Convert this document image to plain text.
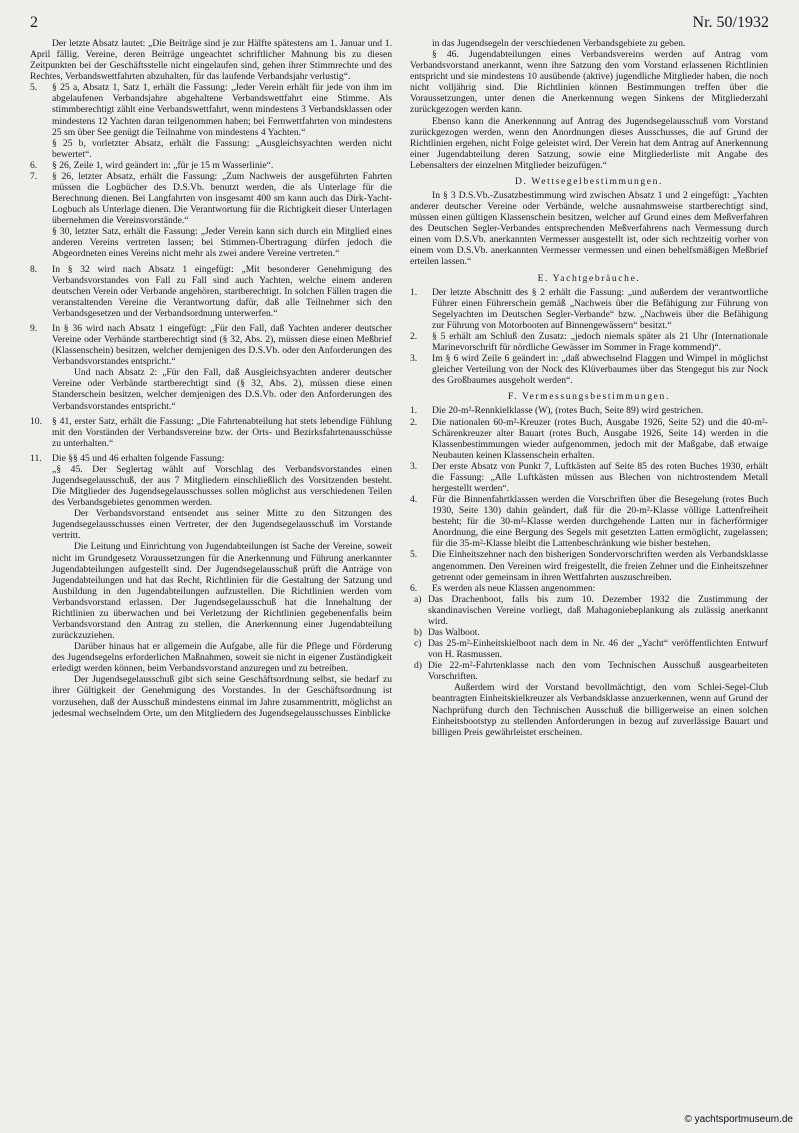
2	Nr. 50/1932

Der letzte Absatz lautet: „Die Beiträge sind je zur Hälfte spätestens am 1. Januar und 1. April fällig. Vereine, deren Beiträge ungeachtet schriftlicher Mahnung bis zu diesen Zeitpunkten bei der Geschäftsstelle nicht eingelaufen sind, gehen ihrer Stimmrechte und des Rechtes, Verbandswettfahrten abzuhalten, für das laufende Verbandsjahr verlustig“.

5. § 25 a, Absatz 1, Satz 1, erhält die Fassung: „Jeder Verein erhält für jede von ihm im abgelaufenen Verbandsjahre abgehaltene Verbandswettfahrt eine Stimme. Als stimmberechtigt zählt eine Verbandswettfahrt, wenn mindestens 3 Verbandsklassen oder mindestens 12 Yachten daran teilgenommen haben; bei Fernwettfahrten von mindestens 25 sm über See genügt die Teilnahme von mindestens 4 Yachten.“

§ 25 b, vorletzter Absatz, erhält die Fassung: „Ausgleichsyachten werden nicht bewertet“.

6. § 26, Zeile 1, wird geändert in: „für je 15 m Wasserlinie“.

7. § 26, letzter Absatz, erhält die Fassung: „Zum Nachweis der ausgeführten Fahrten müssen die Logbücher des D.S.Vb. benutzt werden, die als Unterlage für die Berechnung dienen. Bei Langfahrten von insgesamt 400 sm kann auch das Dirk-Yacht-Logbuch als Unterlage dienen. Die Verantwortung für die Richtigkeit dieser Unterlagen übernehmen die Vereinsvorstände.“

§ 30, letzter Satz, erhält die Fassung: „Jeder Verein kann sich durch ein Mitglied eines anderen Vereins vertreten lassen; bei Stimmen-Übertragung dürfen jedoch die Abgeordneten eines Vereins nicht mehr als zwei andere Vereine vertreten.“

8. In § 32 wird nach Absatz 1 eingefügt: „Mit besonderer Genehmigung des Verbandsvorstandes von Fall zu Fall sind auch Yachten, welche einem anderen deutschen Verein oder Verbande angehören, startberechtigt. In solchen Fällen tragen die veranstaltenden Vereine die Verantwortung dafür, daß alle Teilnehmer sich den Verbandsgesetzen und der Verbandsordnung unterwerfen.“

9. In § 36 wird nach Absatz 1 eingefügt: „Für den Fall, daß Yachten anderer deutscher Vereine oder Verbände startberechtigt sind (§ 32, Abs. 2), müssen diese einen Meßbrief (Klassenschein) besitzen, welcher demjenigen des D.S.Vb. oder den Anforderungen des Verbandsvorstandes entspricht.“

Und nach Absatz 2: „Für den Fall, daß Ausgleichsyachten anderer deutscher Vereine oder Verbände startberechtigt sind (§ 32, Abs. 2), müssen diese einen Standerschein besitzen, welcher demjenigen des D.S.Vb. oder den Anforderungen des Verbandsvorstandes entspricht.“

10. § 41, erster Satz, erhält die Fassung: „Die Fahrtenabteilung hat stets lebendige Fühlung mit den Vorständen der Verbandsvereine bzw. der Orts- und Bezirksfahrtenausschüsse zu unterhalten.“

11. Die §§ 45 und 46 erhalten folgende Fassung:

„§ 45. Der Seglertag wählt auf Vorschlag des Verbandsvorstandes einen Jugendsegelausschuß, der aus 7 Mitgliedern einschließlich des Vorsitzenden besteht. Die Mitglieder des Jugendsegelausschusses sollen möglichst aus verschiedenen Teilen des Verbandsgebietes genommen werden.

Der Verbandsvorstand entsendet aus seiner Mitte zu den Sitzungen des Jugendsegelausschusses einen Vertreter, der den Jugendsegelausschuß im Vorstande vertritt.

Die Leitung und Einrichtung von Jugendabteilungen ist Sache der Vereine, soweit nicht im Grundgesetz Voraussetzungen für die Anerkennung und Führung anerkannter Jugendabteilungen aufgestellt sind. Der Jugendsegelausschuß prüft die Anträge von Jugendabteilungen und hat das Recht, Richtlinien für die Gestaltung der Satzung und Ausbildung in den Jugendabteilungen aufzustellen. Die Richtlinien werden vom Verbandsvorstand erlassen. Der Jugendsegelausschuß hat die Innehaltung der Richtlinien zu überwachen und bei Verletzung der Richtlinien gegebenenfalls beim Verbandsvorstand den Antrag zu stellen, die Anerkennung einer Jugendabteilung zurückzuziehen.

Darüber hinaus hat er allgemein die Aufgabe, alle für die Pflege und Förderung des Jugendsegelns erforderlichen Maßnahmen, soweit sie nicht in eigener Zuständigkeit erledigt werden können, beim Verbandsvorstand anzuregen und zu betreiben.

Der Jugendsegelausschuß gibt sich seine Geschäftsordnung selbst, sie bedarf zu ihrer Gültigkeit der Genehmigung des Vorstandes. In der Geschäftsordnung ist vorzusehen, daß der Ausschuß mindestens einmal im Jahre zusammentritt, möglichst an jedesmal wechselndem Orte, um den Mitgliedern des Jugendsegelausschusses Einblicke

in das Jugendsegeln der verschiedenen Verbandsgebiete zu geben.

§ 46. Jugendabteilungen eines Verbandsvereins werden auf Antrag vom Verbandsvorstand anerkannt, wenn ihre Satzung den vom Vorstand erlassenen Richtlinien entspricht und sie mindestens 10 ausübende (aktive) jugendliche Mitglieder haben, die noch nicht volljährig sind. Die Richtlinien können Bestimmungen treffen über die Voraussetzungen, unter denen die Anerkennung wegen Sinkens der Mitgliederzahl zurückgezogen werden kann.

Ebenso kann die Anerkennung auf Antrag des Jugendsegelausschuß vom Vorstand zurückgezogen werden, wenn den Anordnungen dieses Ausschusses, die auf Grund der Richtlinien ergehen, nicht Folge geleistet wird. Der Verein hat dem Antrag auf Anerkennung einer Jugendabteilung deren Satzung, sowie eine Mitgliederliste mit Angabe des Lebensalters der einzelnen Mitglieder beizufügen.“

D. Wettsegelbestimmungen.

In § 3 D.S.Vb.-Zusatzbestimmung wird zwischen Absatz 1 und 2 eingefügt: „Yachten anderer deutscher Vereine oder Verbände, welche ausnahmsweise startberechtigt sind, müssen einen gültigen Klassenschein besitzen, welcher auf Grund eines dem Meßverfahren des Deutschen Segler-Verbandes entsprechenden Meßverfahrens nach Vermessung durch einen vom D.S.Vb. anerkannten Vermesser ausgestellt ist, oder sich rechtzeitig vorher von einem vom D.S.Vb. anerkannten Vermesser vermessen und einen behelfsmäßigen Meßbrief erteilen lassen.“

E. Yachtgebräuche.

1. Der letzte Abschnitt des § 2 erhält die Fassung: „und außerdem der verantwortliche Führer einen Führerschein gemäß „Nachweis über die Befähigung zur Führung von Segelyachten im Deutschen Segler-Verbande“ bzw. „Nachweis über die Befähigung zur Führung von Motorbooten auf Binnengewässern“ besitzt.“

2. § 5 erhält am Schluß den Zusatz: „jedoch niemals später als 21 Uhr (Internationale Marinevorschrift für nördliche Gewässer im Sommer in Frage kommend)“.

3. Im § 6 wird Zeile 6 geändert in: „daß abwechselnd Flaggen und Wimpel in möglichst gleicher Verteilung von der Nock des Klüverbaumes über das Stengegut bis zur Nock des Großbaumes ausgeholt werden“.

F. Vermessungsbestimmungen.

1. Die 20-m²-Rennkielklasse (W), (rotes Buch, Seite 89) wird gestrichen.

2. Die nationalen 60-m²-Kreuzer (rotes Buch, Ausgabe 1926, Seite 52) und die 40-m²-Schärenkreuzer alter Bauart (rotes Buch, Ausgabe 1926, Seite 14) werden in die Klassenbestimmungen wieder aufgenommen, jedoch mit der Maßgabe, daß etwaige Neubauten keinen Klassenschein erhalten.

3. Der erste Absatz von Punkt 7, Luftkästen auf Seite 85 des roten Buches 1930, erhält die Fassung: „Alle Luftkästen müssen aus Blechen von nichtrostendem Metall hergestellt werden“.

4. Für die Binnenfahrtklassen werden die Vorschriften über die Besegelung (rotes Buch 1930, Seite 130) dahin geändert, daß für die 20-m²-Klasse völlige Lattenfreiheit besteht; für die 30-m²-Klasse werden durchgehende Latten nur in fächerförmiger Anordnung, die eine Bergung des Segels mit gesetzten Latten ermöglicht, zugelassen; für die 35-m²-Klasse bleibt die Lattenbeschränkung wie bisher bestehen.

5. Die Einheitszehner nach den bisherigen Sondervorschriften werden als Verbandsklasse angenommen. Den Vereinen wird freigestellt, die freien Zehner und die Einheitszehner getrennt oder gemeinsam in ihren Wettfahrten auszuschreiben.

6. Es werden als neue Klassen angenommen:

a) Das Drachenboot, falls bis zum 10. Dezember 1932 die Zustimmung der skandinavischen Vereine vorliegt, daß Mahagoniebeplankung als zulässig anerkannt wird.

b) Das Walboot.

c) Das 25-m²-Einheitskielboot nach dem in Nr. 46 der „Yacht“ veröffentlichten Entwurf von H. Rasmussen.

d) Die 22-m²-Fahrtenklasse nach den vom Technischen Ausschuß ausgearbeiteten Vorschriften.

Außerdem wird der Vorstand bevollmächtigt, den vom Schlei-Segel-Club beantragten Einheitskielkreuzer als Verbandsklasse anzuerkennen, wenn auf Grund der Nachprüfung durch den Technischen Ausschuß die billigerweise an einen solchen Einheitsbootstyp zu stellenden Anforderungen in bezug auf zuverlässige Bauart und billigen Preis gewährleistet erscheinen.

© yachtsportmuseum.de
